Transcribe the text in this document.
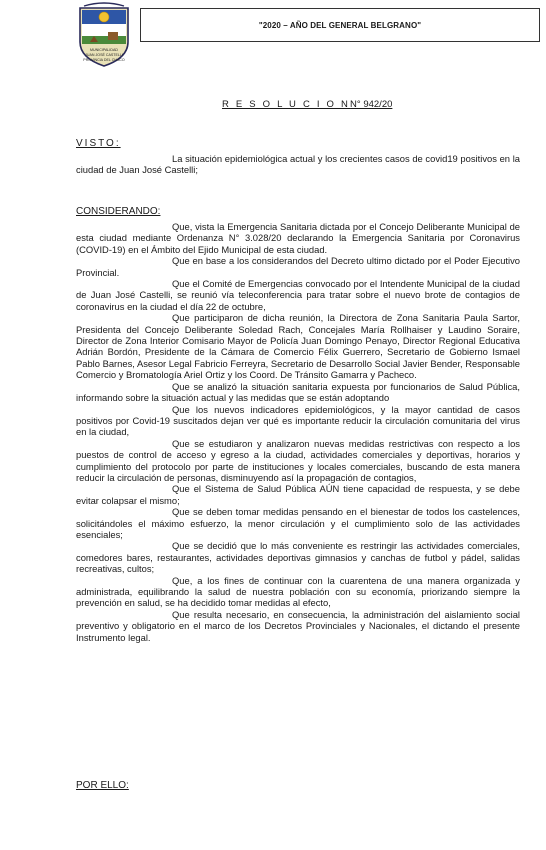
MUNICIPALIDAD
JUAN JOSÉ CASTELLI
PROVINCIA DEL CHACO
"2020 – AÑO DEL GENERAL BELGRANO"
R E S O L U C I O NN° 942/20
VISTO:

La situación epidemiológica actual y los crecientes casos de covid19 positivos en la ciudad de Juan José Castelli;

CONSIDERANDO:

Que, vista la Emergencia Sanitaria dictada por el Concejo Deliberante Municipal de esta ciudad mediante Ordenanza N° 3.028/20 declarando la Emergencia Sanitaria por Coronavirus (COVID-19) en el Ámbito del Ejido Municipal de esta ciudad.

Que en base a los considerandos del Decreto ultimo dictado por el Poder Ejecutivo Provincial.

Que el Comité de Emergencias convocado por el Intendente Municipal de la ciudad de Juan José Castelli, se reunió vía teleconferencia para tratar sobre el nuevo brote de contagios de coronavirus en la ciudad el día 22 de octubre,

Que participaron de dicha reunión, la Directora de Zona Sanitaria Paula Sartor, Presidenta del Concejo Deliberante Soledad Rach, Concejales María Rollhaiser y Laudino Soraire, Director de Zona Interior Comisario Mayor de Policía Juan Domingo Penayo, Director Regional Educativa Adrián Bordón, Presidente de la Cámara de Comercio Félix Guerrero, Secretario de Gobierno Ismael Pablo Barnes, Asesor Legal Fabricio Ferreyra, Secretario de Desarrollo Social Javier Bender, Responsable Comercio y Bromatología Ariel Ortiz y los Coord. De Tránsito Gamarra y Pacheco.

Que se analizó la situación sanitaria expuesta por funcionarios de Salud Pública, informando sobre la situación actual y las medidas que se están adoptando

Que los nuevos indicadores epidemiológicos, y la mayor cantidad de casos positivos por Covid-19 suscitados dejan ver qué es importante reducir la circulación comunitaria del virus en la ciudad,

Que se estudiaron y analizaron nuevas medidas restrictivas con respecto a los puestos de control de acceso y egreso a la ciudad, actividades comerciales y deportivas, horarios y cumplimiento del protocolo por parte de instituciones y locales comerciales, buscando de esta manera reducir la circulación de personas, disminuyendo así la propagación de contagios,

Que el Sistema de Salud Pública AÚN tiene capacidad de respuesta, y se debe evitar colapsar el mismo;

Que se deben tomar medidas pensando en el bienestar de todos los castelences, solicitándoles el máximo esfuerzo, la menor circulación y el cumplimiento solo de las actividades esenciales;

Que se decidió que lo más conveniente es restringir las actividades comerciales, comedores bares, restaurantes, actividades deportivas gimnasios y canchas de futbol y pádel, salidas recreativas, cultos;

Que, a los fines de continuar con la cuarentena de una manera organizada y administrada, equilibrando la salud de nuestra población con su economía, priorizando siempre la prevención en salud, se ha decidido tomar medidas al efecto,

Que resulta necesario, en consecuencia, la administración del aislamiento social preventivo y obligatorio en el marco de los Decretos Provinciales y Nacionales, el dictando el presente Instrumento legal.

POR ELLO:
